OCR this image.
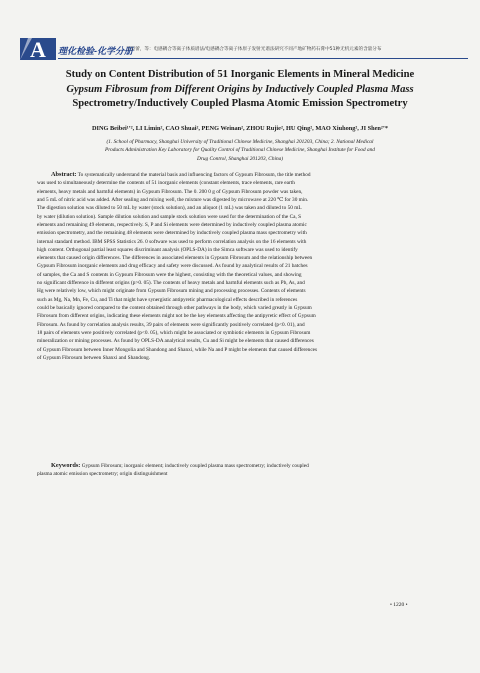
A 理化检验-化学分册
丁贝蕾，等：电感耦合等离子体质谱法/电感耦合等离子体原子发射光谱法研究不同产地矿物药石膏中51种无机元素的含量分布
Study on Content Distribution of 51 Inorganic Elements in Mineral Medicine
Gypsum Fibrosum from Different Origins by Inductively Coupled Plasma Mass
Spectrometry/Inductively Coupled Plasma Atomic Emission Spectrometry
DING Beibei¹ʼ², LI Limin², CAO Shuai², PENG Weinan², ZHOU Rujie², HU Qing², MAO Xiuhong², JI Shen²ʼ*
(1. School of Pharmacy, Shanghai University of Traditional Chinese Medicine, Shanghai 201203, China; 2. National Medical
Products Administration Key Laboratory for Quality Control of Traditional Chinese Medicine, Shanghai Institute for Food and
Drug Control, Shanghai 201203, China)
Abstract: To systematically understand the material basis and influencing factors of Gypsum Fibrosum, the title method
was used to simultaneously determine the contents of 51 inorganic elements (constant elements, trace elements, rare earth
elements, heavy metals and harmful elements) in Gypsum Fibrosum. The 0. 200 0 g of Gypsum Fibrosum powder was taken,
and 5 mL of nitric acid was added. After sealing and mixing well, the mixture was digested by microwave at 220 ℃ for 30 min.
The digestion solution was diluted to 50 mL by water (stock solution), and an aliquot (1 mL) was taken and diluted to 50 mL
by water (dilution solution). Sample dilution solution and sample stock solution were used for the determination of the Ca, S
elements and remaining 49 elements, respectively. S, P and Si elements were determined by inductively coupled plasma atomic
emission spectrometry, and the remaining 48 elements were determined by inductively coupled plasma mass spectrometry with
internal standard method. IBM SPSS Statistics 26. 0 software was used to perform correlation analysis on the 16 elements with
high content. Orthogonal partial least squares discriminant analysis (OPLS-DA) in the Simca software was used to identify
elements that caused origin differences. The differences in associated elements in Gypsum Fibrosum and the relationship between
Gypsum Fibrosum inorganic elements and drug efficacy and safety were discussed. As found by analytical results of 21 batches
of samples, the Ca and S contents in Gypsum Fibrosum were the highest, consisting with the theoretical values, and showing
no significant difference in different origins (p>0. 05). The contents of heavy metals and harmful elements such as Pb, As, and
Hg were relatively low, which might originate from Gypsum Fibrosum mining and processing processes. Contents of elements
such as Mg, Na, Mn, Fe, Cu, and Ti that might have synergistic antipyretic pharmacological effects described in references
could be basically ignored compared to the content obtained through other pathways in the body, which varied greatly in Gypsum
Fibrosum from different origins, indicating these elements might not be the key elements affecting the antipyretic effect of Gypsum
Fibrosum. As found by correlation analysis results, 39 pairs of elements were significantly positively correlated (p<0. 01), and
18 pairs of elements were positively correlated (p<0. 05), which might be associated or symbiotic elements in Gypsum Fibrosum
mineralization or mining processes. As found by OPLS-DA analytical results, Cu and Si might be elements that caused differences
of Gypsum Fibrosum between Inner Mongolia and Shandong and Shanxi, while Na and P might be elements that caused differences
of Gypsum Fibrosum between Shanxi and Shandong.
Keywords: Gypsum Fibrosum; inorganic element; inductively coupled plasma mass spectrometry; inductively coupled
plasma atomic emission spectrometry; origin distinguishment
• 1220 •
